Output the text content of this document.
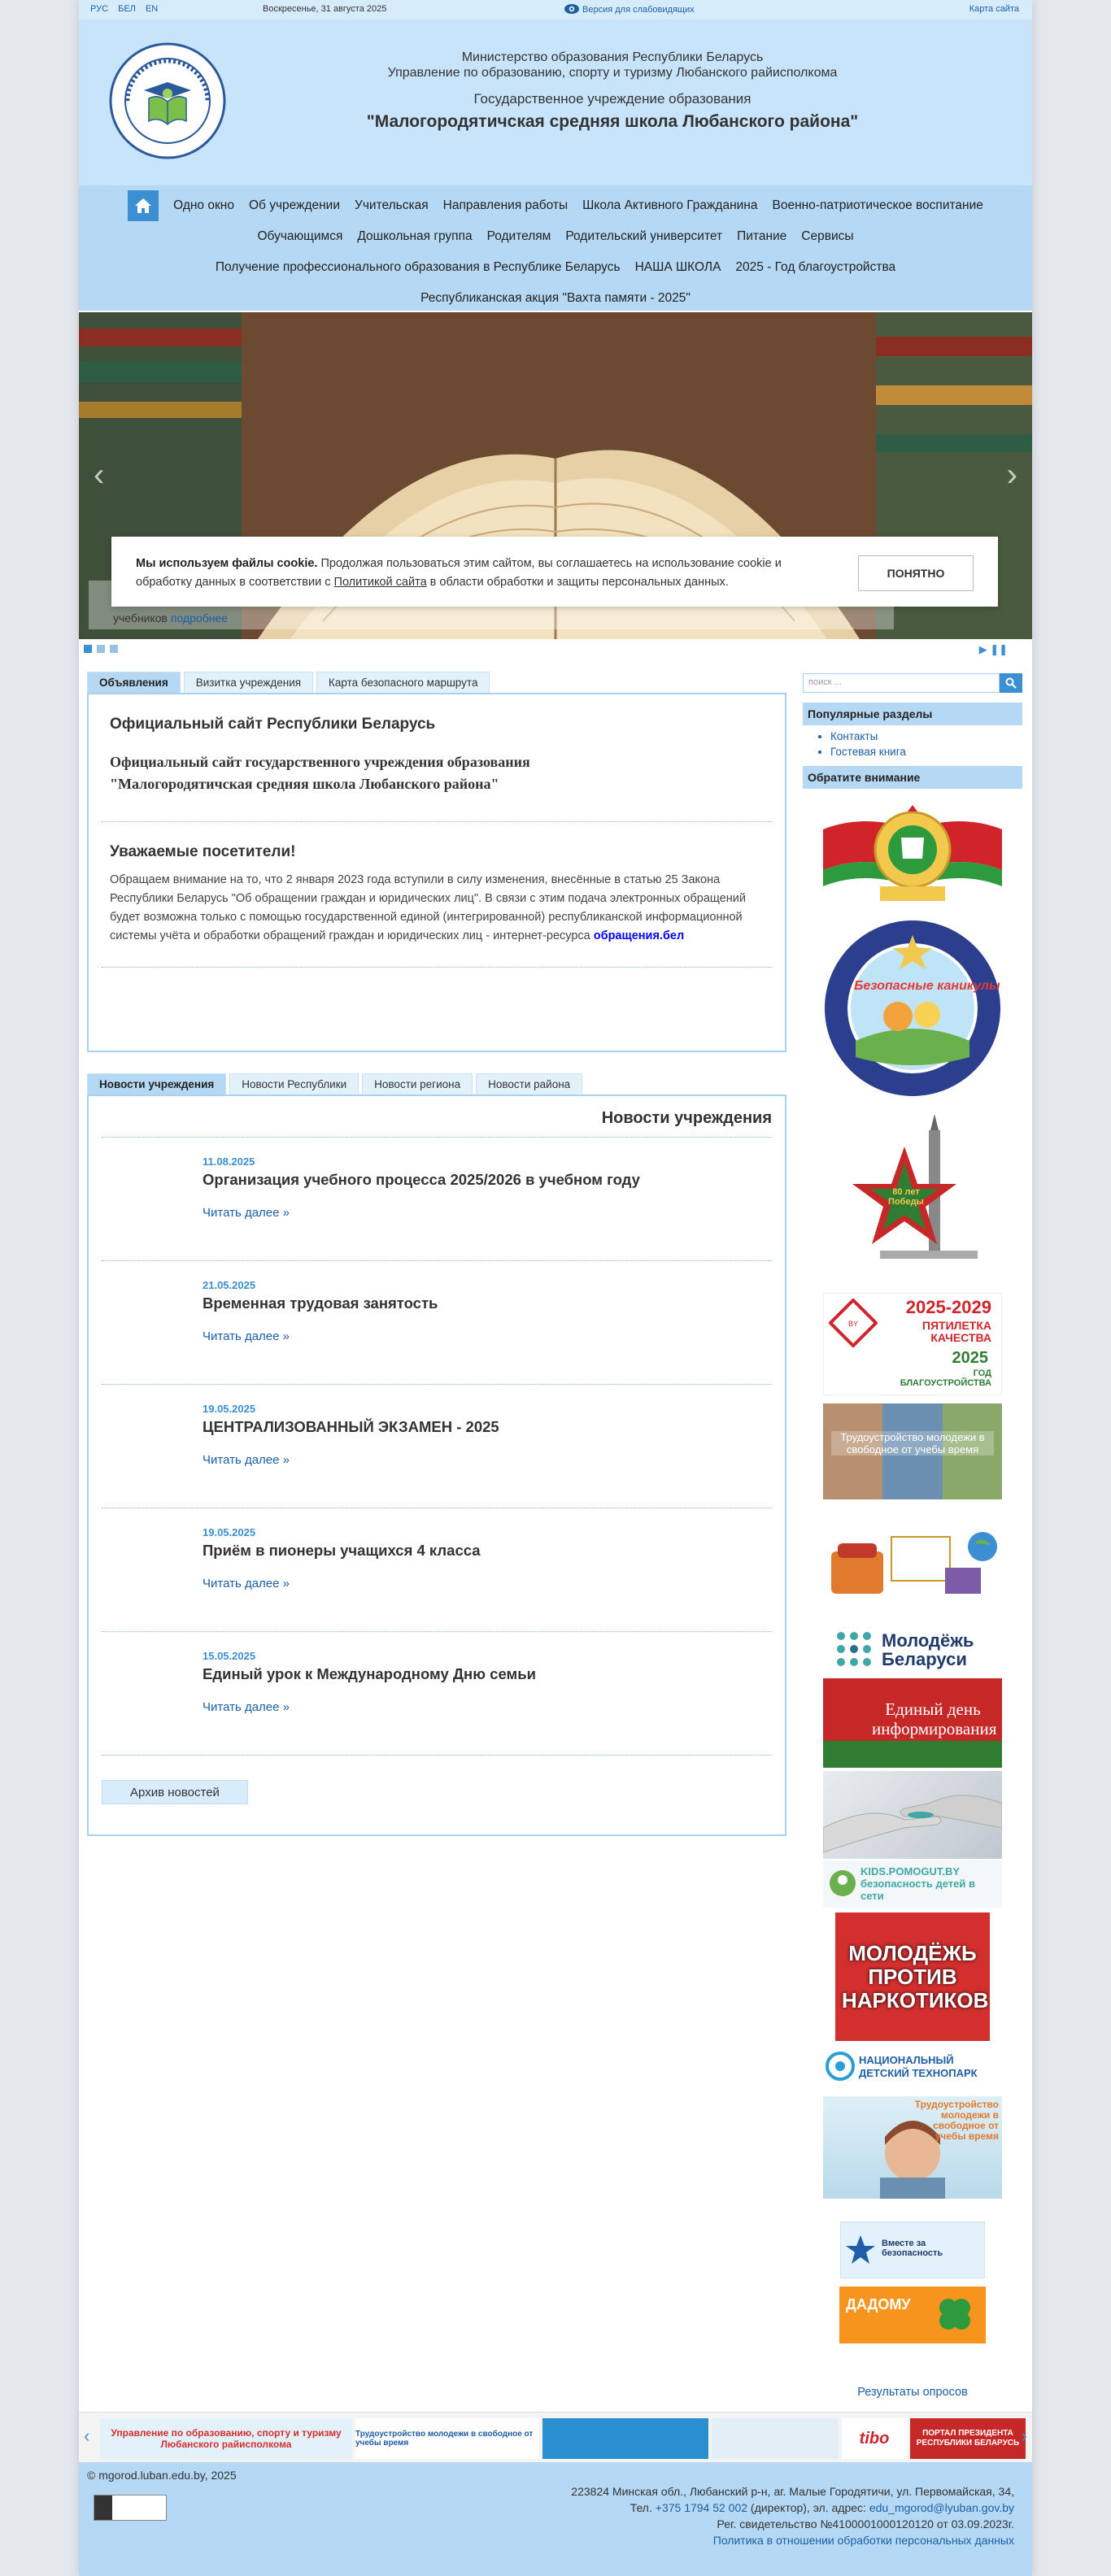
РУС БЕЛ EN	Воскресенье, 31 августа 2025	Версия для слабовидящих	Карта сайта
Министерство образования Республики Беларусь
Управление по образованию, спорту и туризму Любанского райисполкома
Государственное учреждение образования
"Малогородятичская средняя школа Любанского района"
Одно окно Об учреждении Учительская Направления работы Школа Активного Гражданина Военно-патриотическое воспитание
Обучающимся Дошкольная группа Родителям Родительский университет Питание Сервисы
Получение профессионального образования в Республике Беларусь НАША ШКОЛА 2025 - Год благоустройства
Республиканская акция "Вахта памяти - 2025"
‹	›
учебников подробнее
Мы используем файлы cookie. Продолжая пользоваться этим сайтом, вы соглашаетесь на использование cookie и обработку данных в соответствии с Политикой сайта в области обработки и защиты персональных данных.
ПОНЯТНО
▶ ❚❚
Объявления	Визитка учреждения	Карта безопасного маршрута
Официальный сайт Республики Беларусь
Официальный сайт государственного учреждения образования
"Малогородятичская средняя школа Любанского района"
Уважаемые посетители!

Обращаем внимание на то, что 2 января 2023 года вступили в силу изменения, внесённые в статью 25 Закона Республики Беларусь "Об обращении граждан и юридических лиц". В связи с этим подача электронных обращений будет возможна только с помощью государственной единой (интегрированной) республиканской информационной системы учёта и обработки обращений граждан и юридических лиц - интернет-ресурса обращения.бел

Новости учреждения	Новости Республики	Новости региона	Новости района
Новости учреждения
11.08.2025
Организация учебного процесса 2025/2026 в учебном году
Читать далее »
21.05.2025
Временная трудовая занятость
Читать далее »
19.05.2025
ЦЕНТРАЛИЗОВАННЫЙ ЭКЗАМЕН - 2025
Читать далее »
19.05.2025
Приём в пионеры учащихся 4 класса
Читать далее »
15.05.2025
Единый урок к Международному Дню семьи
Читать далее »
Архив новостей
поиск ...
Популярные разделы
• Контакты
• Гостевая книга
Обратите внимание
Безопасные каникулы
80 лет Победы
BY
2025-2029
ПЯТИЛЕТКА КАЧЕСТВА
2025
ГОД БЛАГОУСТРОЙСТВА
Трудоустройство молодежи в свободное от учебы время
Молодёжь Беларуси
Единый день информирования
KIDS.POMOGUT.BY безопасность детей в сети
МОЛОДЁЖЬ ПРОТИВ НАРКОТИКОВ
НАЦИОНАЛЬНЫЙ ДЕТСКИЙ ТЕХНОПАРК
Трудоустройство молодежи в свободное от учебы время
Вместе за безопасность
ДАДОМУ
Результаты опросов
‹	Управление по образованию, спорту и туризму Любанского райисполкома
Трудоустройство молодежи в свободное от учебы время	tibo	ПОРТАЛ ПРЕЗИДЕНТА РЕСПУБЛИКИ БЕЛАРУСЬ ›
© mgorod.luban.edu.by, 2025
223824 Минская обл., Любанский р-н, аг. Малые Городятичи, ул. Первомайская, 34,
Тел. +375 1794 52 002 (директор), эл. адрес: edu_mgorod@lyuban.gov.by
Рег. свидетельство №4100001000120120 от 03.09.2023г.
Политика в отношении обработки персональных данных
